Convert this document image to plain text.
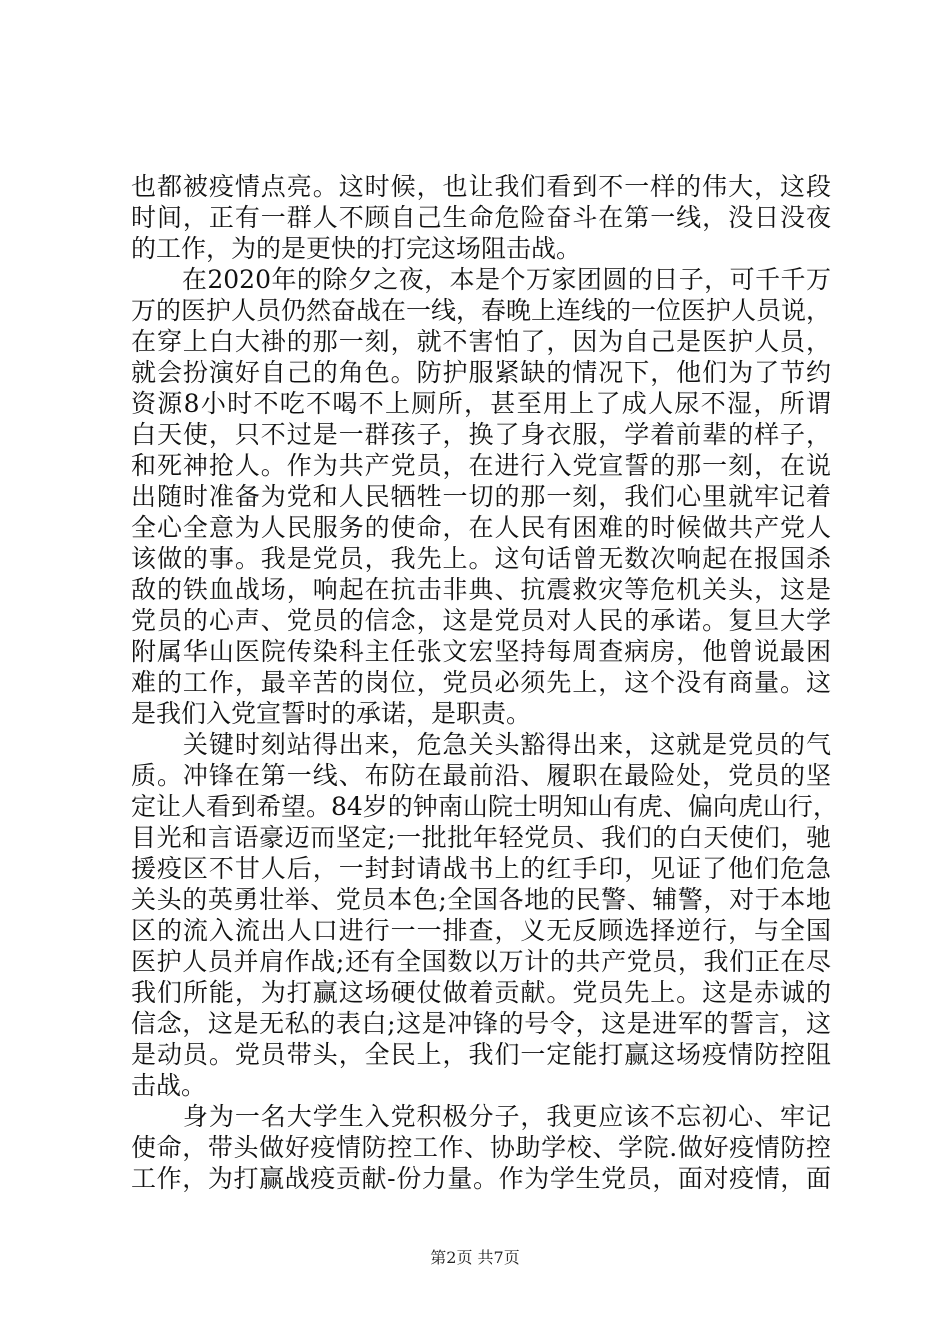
也都被疫情点亮。这时候，也让我们看到不一样的伟大，这段
时间，正有一群人不顾自己生命危险奋斗在第一线，没日没夜
的工作，为的是更快的打完这场阻击战。
　　在2020年的除夕之夜，本是个万家团圆的日子，可千千万
万的医护人员仍然奋战在一线，春晚上连线的一位医护人员说，
在穿上白大褂的那一刻，就不害怕了，因为自己是医护人员，
就会扮演好自己的角色。防护服紧缺的情况下，他们为了节约
资源8小时不吃不喝不上厕所，甚至用上了成人尿不湿，所谓
白天使，只不过是一群孩子，换了身衣服，学着前辈的样子，
和死神抢人。作为共产党员，在进行入党宣誓的那一刻，在说
出随时准备为党和人民牺牲一切的那一刻，我们心里就牢记着
全心全意为人民服务的使命，在人民有困难的时候做共产党人
该做的事。我是党员，我先上。这句话曾无数次响起在报国杀
敌的铁血战场，响起在抗击非典、抗震救灾等危机关头，这是
党员的心声、党员的信念，这是党员对人民的承诺。复旦大学
附属华山医院传染科主任张文宏坚持每周查病房，他曾说最困
难的工作，最辛苦的岗位，党员必须先上，这个没有商量。这
是我们入党宣誓时的承诺，是职责。
　　关键时刻站得出来，危急关头豁得出来，这就是党员的气
质。冲锋在第一线、布防在最前沿、履职在最险处，党员的坚
定让人看到希望。84岁的钟南山院士明知山有虎、偏向虎山行，
目光和言语豪迈而坚定;一批批年轻党员、我们的白天使们，驰
援疫区不甘人后，一封封请战书上的红手印，见证了他们危急
关头的英勇壮举、党员本色;全国各地的民警、辅警，对于本地
区的流入流出人口进行一一排查，义无反顾选择逆行，与全国
医护人员并肩作战;还有全国数以万计的共产党员，我们正在尽
我们所能，为打赢这场硬仗做着贡献。党员先上。这是赤诚的
信念，这是无私的表白;这是冲锋的号令，这是进军的誓言，这
是动员。党员带头，全民上，我们一定能打赢这场疫情防控阻
击战。
　　身为一名大学生入党积极分子，我更应该不忘初心、牢记
使命，带头做好疫情防控工作、协助学校、学院.做好疫情防控
工作，为打赢战疫贡献-份力量。作为学生党员，面对疫情，面
第2页 共7页
